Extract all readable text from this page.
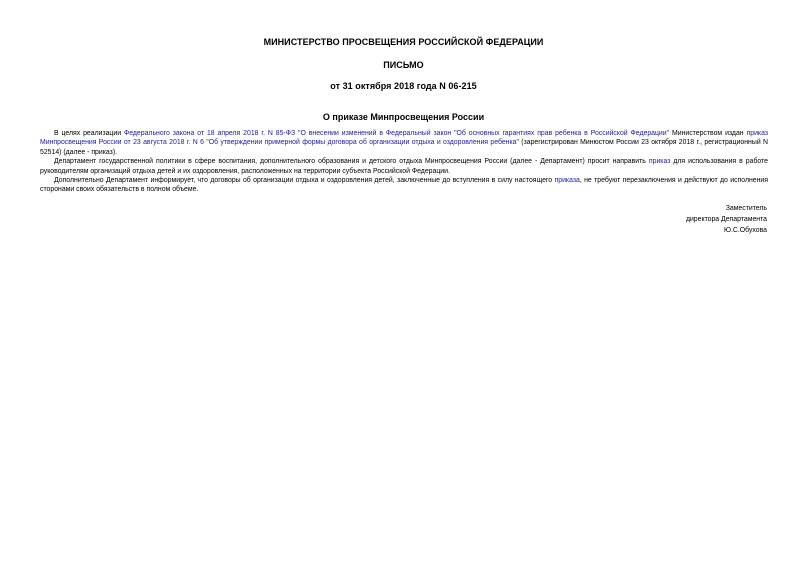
МИНИСТЕРСТВО ПРОСВЕЩЕНИЯ РОССИЙСКОЙ ФЕДЕРАЦИИ
ПИСЬМО
от 31 октября 2018 года N 06-215
О приказе Минпросвещения России

В целях реализации Федерального закона от 18 апреля 2018 г. N 85-ФЗ "О внесении изменений в Федеральный закон "Об основных гарантиях прав ребенка в Российской Федерации" Министерством издан приказ Минпросвещения России от 23 августа 2018 г. N 6 "Об утверждении примерной формы договора об организации отдыха и оздоровления ребенка" (зарегистрирован Минюстом России 23 октября 2018 г., регистрационный N 52514) (далее - приказ).

Департамент государственной политики в сфере воспитания, дополнительного образования и детского отдыха Минпросвещения России (далее - Департамент) просит направить приказ для использования в работе руководителям организаций отдыха детей и их оздоровления, расположенных на территории субъекта Российской Федерации.

Дополнительно Департамент информирует, что договоры об организации отдыха и оздоровления детей, заключенные до вступления в силу настоящего приказа, не требуют перезаключения и действуют до исполнения сторонами своих обязательств в полном объеме.

Заместитель
директора Департамента
Ю.С.Обухова
